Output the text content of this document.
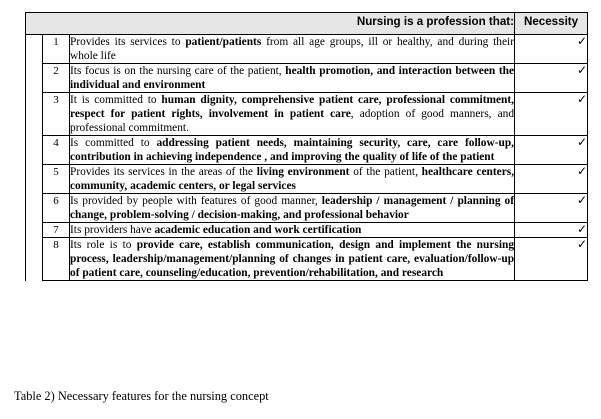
Nursing is a profession that:			Necessity
	1	Provides its services to patient/patients from all age groups, ill or healthy, and during their whole life	✓
	2	Its focus is on the nursing care of the patient, health promotion, and interaction between the individual and environment	✓
	3	It is committed to human dignity, comprehensive patient care, professional commitment, respect for patient rights, involvement in patient care, adoption of good manners, and professional commitment.	✓
	4	Is committed to addressing patient needs, maintaining security, care, care follow-up, contribution in achieving independence , and improving the quality of life of the patient	✓
	5	Provides its services in the areas of the living environment of the patient, healthcare centers, community, academic centers, or legal services	✓
	6	Is provided by people with features of good manner, leadership / management / planning of change, problem-solving / decision-making, and professional behavior	✓
	7	Its providers have academic education and work certification	✓
	8	Its role is to provide care, establish communication, design and implement the nursing process, leadership/management/planning of changes in patient care, evaluation/follow-up of patient care, counseling/education, prevention/rehabilitation, and research	✓
Table 2) Necessary features for the nursing concept
